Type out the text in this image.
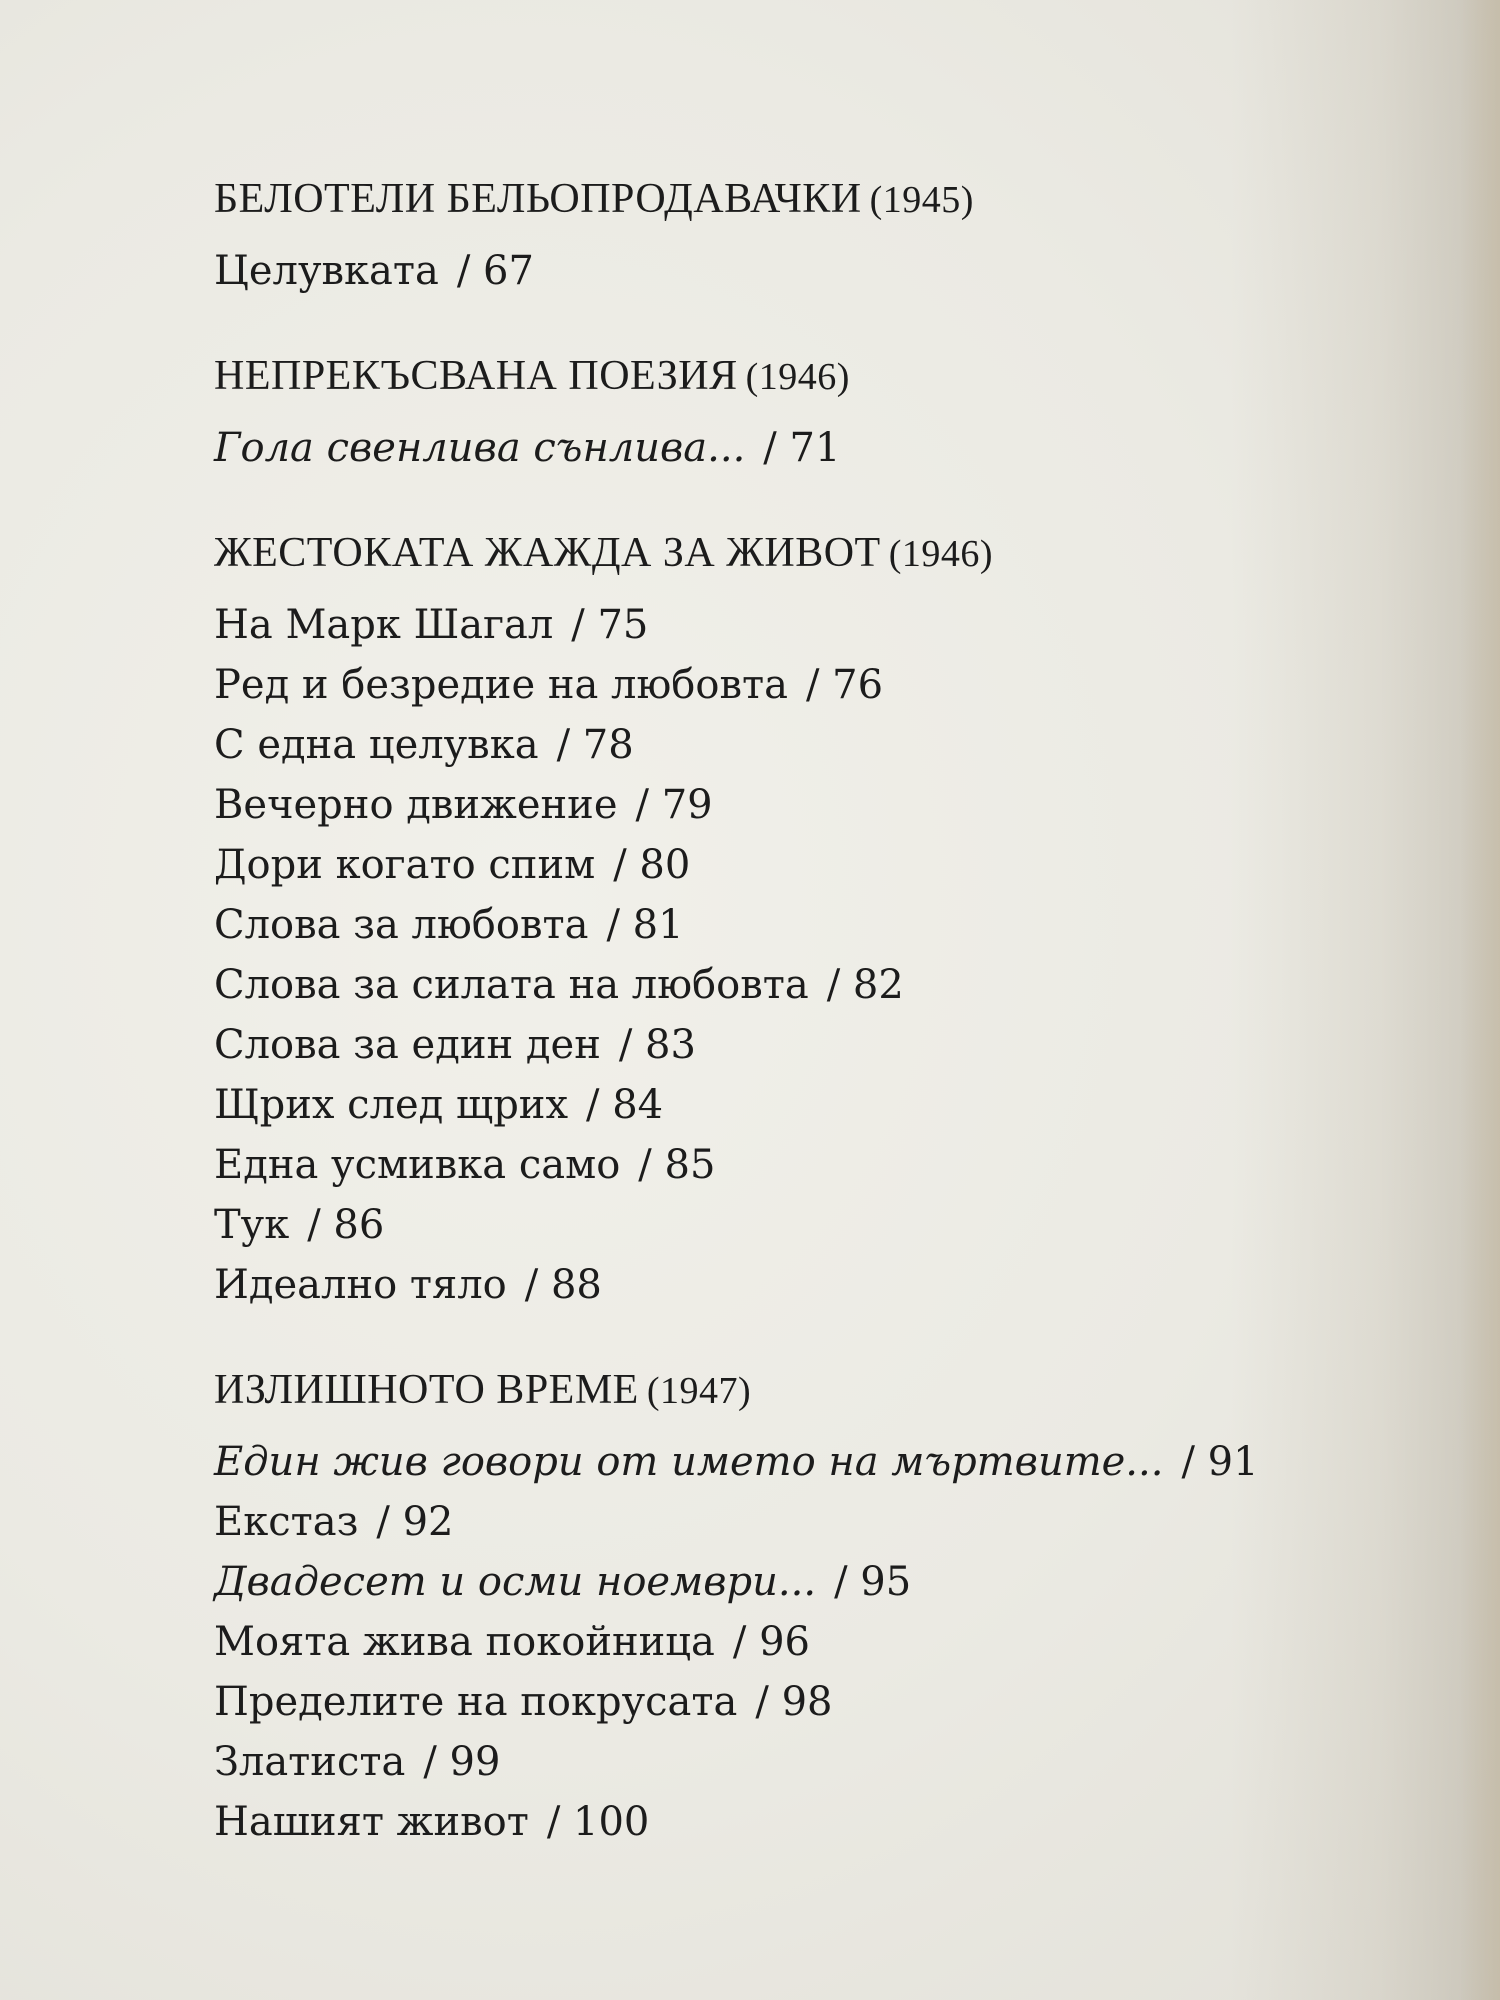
БЕЛОТЕЛИ БЕЛЬОПРОДАВАЧКИ (1945)
Целувката / 67
НЕПРЕКЪСВАНА ПОЕЗИЯ (1946)
Гола свенлива сънлива... / 71
ЖЕСТОКАТА ЖАЖДА ЗА ЖИВОТ (1946)
На Марк Шагал / 75
Ред и безредие на любовта / 76
С една целувка / 78
Вечерно движение / 79
Дори когато спим / 80
Слова за любовта / 81
Слова за силата на любовта / 82
Слова за един ден / 83
Щрих след щрих / 84
Една усмивка само / 85
Тук / 86
Идеално тяло / 88
ИЗЛИШНОТО ВРЕМЕ (1947)
Един жив говори от името на мъртвите... / 91
Екстаз / 92
Двадесет и осми ноември... / 95
Моята жива покойница / 96
Пределите на покрусата / 98
Златиста / 99
Нашият живот / 100
